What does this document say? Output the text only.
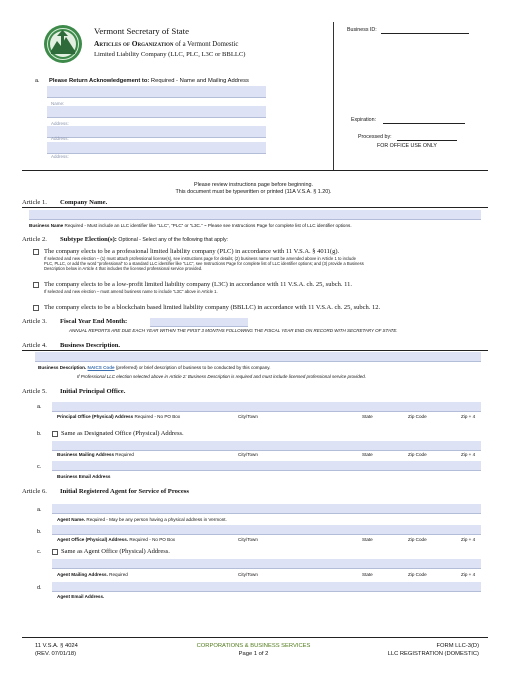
Vermont Secretary of State
Articles of Organization of a Vermont Domestic
Limited Liability Company (LLC, PLC, L3C or BBLLC)
Business ID:
Expiration:
Processed by:
FOR OFFICE USE ONLY
a. Please Return Acknowledgement to: Required - Name and Mailing Address
Name:
Address:
Address:
Address:
Please review instructions page before beginning.
This document must be typewritten or printed (11A V.S.A. § 1.20).
Article 1. Company Name.
Business Name Required - Must include an LLC identifier like “LLC”, “PLC” or “L3C.” ~ Please see Instructions Page for complete list of LLC identifier options.
Article 2. Subtype Election(s): Optional - Select any of the following that apply:
The company elects to be a professional limited liability company (PLC) in accordance with 11 V.S.A. § 4011(g).
If selected and new election – (1) must attach professional license(s), see instructions page for details; (2) business name must be amended above in Article 1 to include
PLC, PLLC, or add the word “professional” to a standard LLC identifier like “LLC”, see Instructions Page for complete list of LLC identifier options; and (3) provide a Business
Description below in Article 4 that includes the licensed professional service provided.
The company elects to be a low-profit limited liability company (L3C) in accordance with 11 V.S.A. ch. 25, subch. 11.
If selected and new election – must amend business name to include “L3C” above in Article 1.
The company elects to be a blockchain based limited liability company (BBLLC) in accordance with 11 V.S.A. ch. 25, subch. 12.
Article 3. Fiscal Year End Month:
ANNUAL REPORTS ARE DUE EACH YEAR WITHIN THE FIRST 3 MONTHS FOLLOWING THE FISCAL YEAR END ON RECORD WITH SECRETARY OF STATE.
Article 4. Business Description.
Business Description. NAICS Code (preferred) or brief description of business to be conducted by this company.
If Professional LLC election selected above in Article 2: Business Description is required and must include licensed professional service provided.
Article 5. Initial Principal Office.
a.
Principal Office (Physical) Address Required - No PO Box	City/Town	State	Zip Code	Zip + 4
b.	Same as Designated Office (Physical) Address.
Business Mailing Address Required	City/Town	State	Zip Code	Zip + 4
c.
Business Email Address
Article 6. Initial Registered Agent for Service of Process
a.
Agent Name. Required - May be any person having a physical address in Vermont.
b.
Agent Office (Physical) Address. Required - No PO Box	City/Town	State	Zip Code	Zip + 4
c.	Same as Agent Office (Physical) Address.
Agent Mailing Address. Required	City/Town	State	Zip Code	Zip + 4
d.
Agent Email Address.
11 V.S.A. § 4024
(REV. 07/01/18)
CORPORATIONS & BUSINESS SERVICES
Page 1 of 2
FORM LLC-3(D)
LLC REGISTRATION (DOMESTIC)
